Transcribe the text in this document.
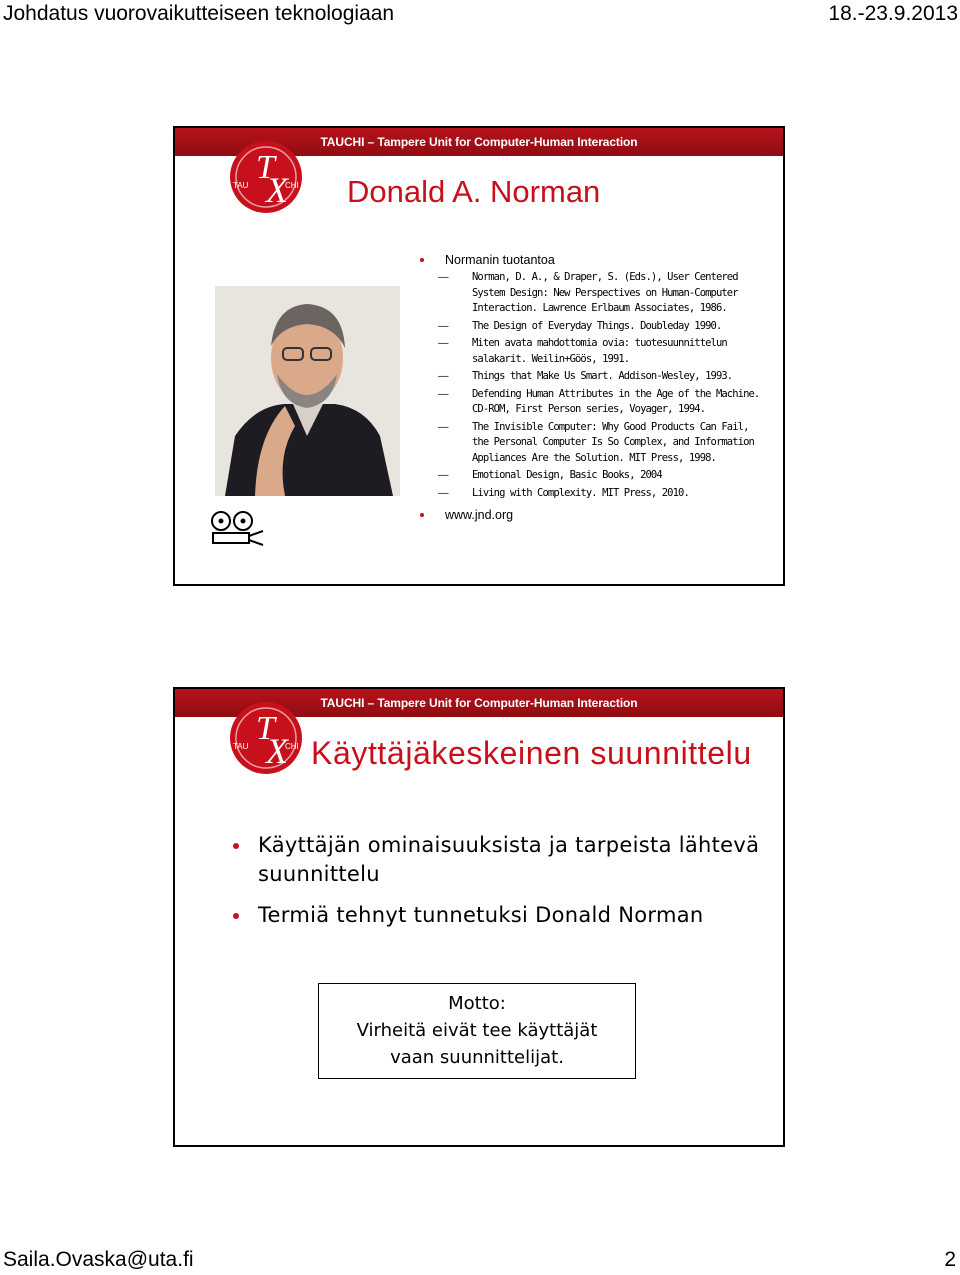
Johdatus vuorovaikutteiseen teknologiaan	18.-23.9.2013
TAUCHI – Tampere Unit for Computer-Human Interaction
T
X
TAU	CHI Donald A. Norman
Normanin tuotantoa
— Norman, D. A., & Draper, S. (Eds.), User Centered System Design: New Perspectives on Human-Computer Interaction. Lawrence Erlbaum Associates, 1986.
— The Design of Everyday Things. Doubleday 1990.
— Miten avata mahdottomia ovia: tuotesuunnittelun salakarit. Weilin+Göös, 1991.
— Things that Make Us Smart. Addison-Wesley, 1993.
— Defending Human Attributes in the Age of the Machine. CD-ROM, First Person series, Voyager, 1994.
— The Invisible Computer: Why Good Products Can Fail, the Personal Computer Is So Complex, and Information Appliances Are the Solution. MIT Press, 1998.
— Emotional Design, Basic Books, 2004
— Living with Complexity. MIT Press, 2010.
www.jnd.org
TAUCHI – Tampere Unit for Computer-Human Interaction
T
X
TAU	CHI Käyttäjäkeskeinen suunnittelu
Käyttäjän ominaisuuksista ja tarpeista lähtevä suunnittelu
Termiä tehnyt tunnetuksi Donald Norman
Motto:
Virheitä eivät tee käyttäjät
vaan suunnittelijat.
Saila.Ovaska@uta.fi	2
